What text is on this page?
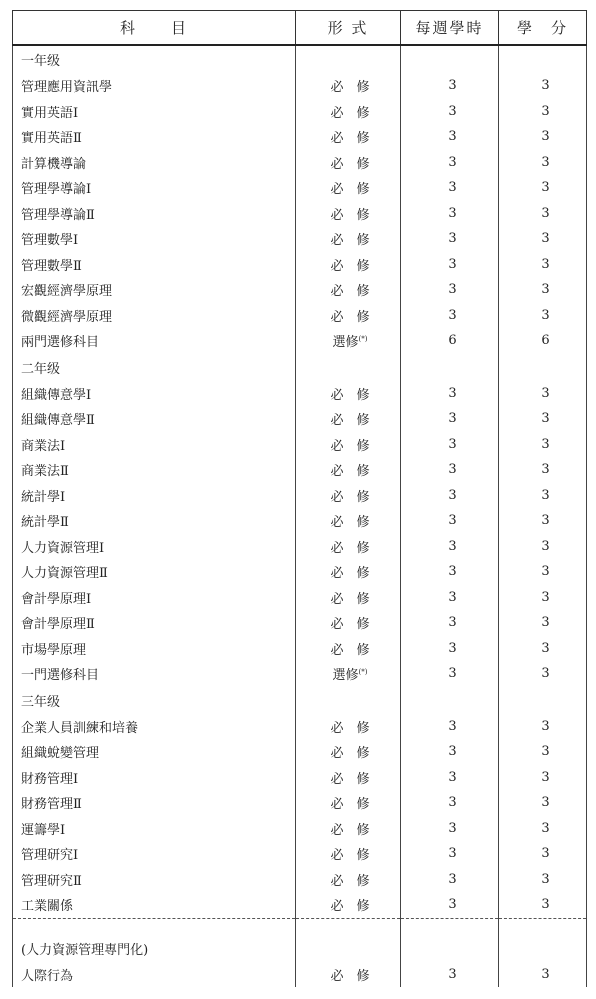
科　　目	形 式	每週學時	學　分
一年级			
管理應用資訊學	必　修	3	3
實用英語Ⅰ	必　修	3	3
實用英語Ⅱ	必　修	3	3
計算機導論	必　修	3	3
管理學導論Ⅰ	必　修	3	3
管理學導論Ⅱ	必　修	3	3
管理數學Ⅰ	必　修	3	3
管理數學Ⅱ	必　修	3	3
宏觀經濟學原理	必　修	3	3
微觀經濟學原理	必　修	3	3
兩門選修科目	選修(*)	6	6
二年级			
組織傳意學Ⅰ	必　修	3	3
組織傳意學Ⅱ	必　修	3	3
商業法Ⅰ	必　修	3	3
商業法Ⅱ	必　修	3	3
統計學Ⅰ	必　修	3	3
統計學Ⅱ	必　修	3	3
人力資源管理Ⅰ	必　修	3	3
人力資源管理Ⅱ	必　修	3	3
會計學原理Ⅰ	必　修	3	3
會計學原理Ⅱ	必　修	3	3
市場學原理	必　修	3	3
一門選修科目	選修(*)	3	3
三年级			
企業人員訓練和培養	必　修	3	3
組織蛻變管理	必　修	3	3
財務管理Ⅰ	必　修	3	3
財務管理Ⅱ	必　修	3	3
運籌學Ⅰ	必　修	3	3
管理研究Ⅰ	必　修	3	3
管理研究Ⅱ	必　修	3	3
工業關係	必　修	3	3

(人力資源管理專門化)			
人際行為	必　修	3	3
